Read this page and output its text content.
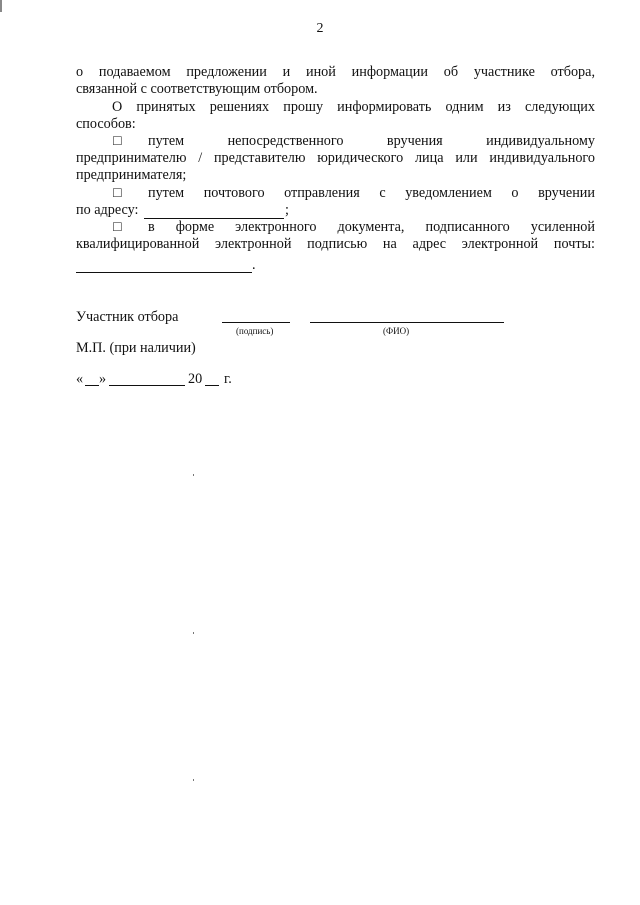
2
о подаваемом предложении и иной информации об участнике отбора,
связанной с соответствующим отбором.
О принятых решениях прошу информировать одним из следующих
способов:
☐ путем непосредственного вручения индивидуальному
предпринимателю / представителю юридического лица или индивидуального
предпринимателя;
☐ путем почтового отправления с уведомлением о вручении
по адресу:	;
☐ в форме электронного документа, подписанного усиленной
квалифицированной электронной подписью на адрес электронной почты:
.
Участник отбора
(подпись)	(ФИО)
М.П. (при наличии)
«	»	20	г.
